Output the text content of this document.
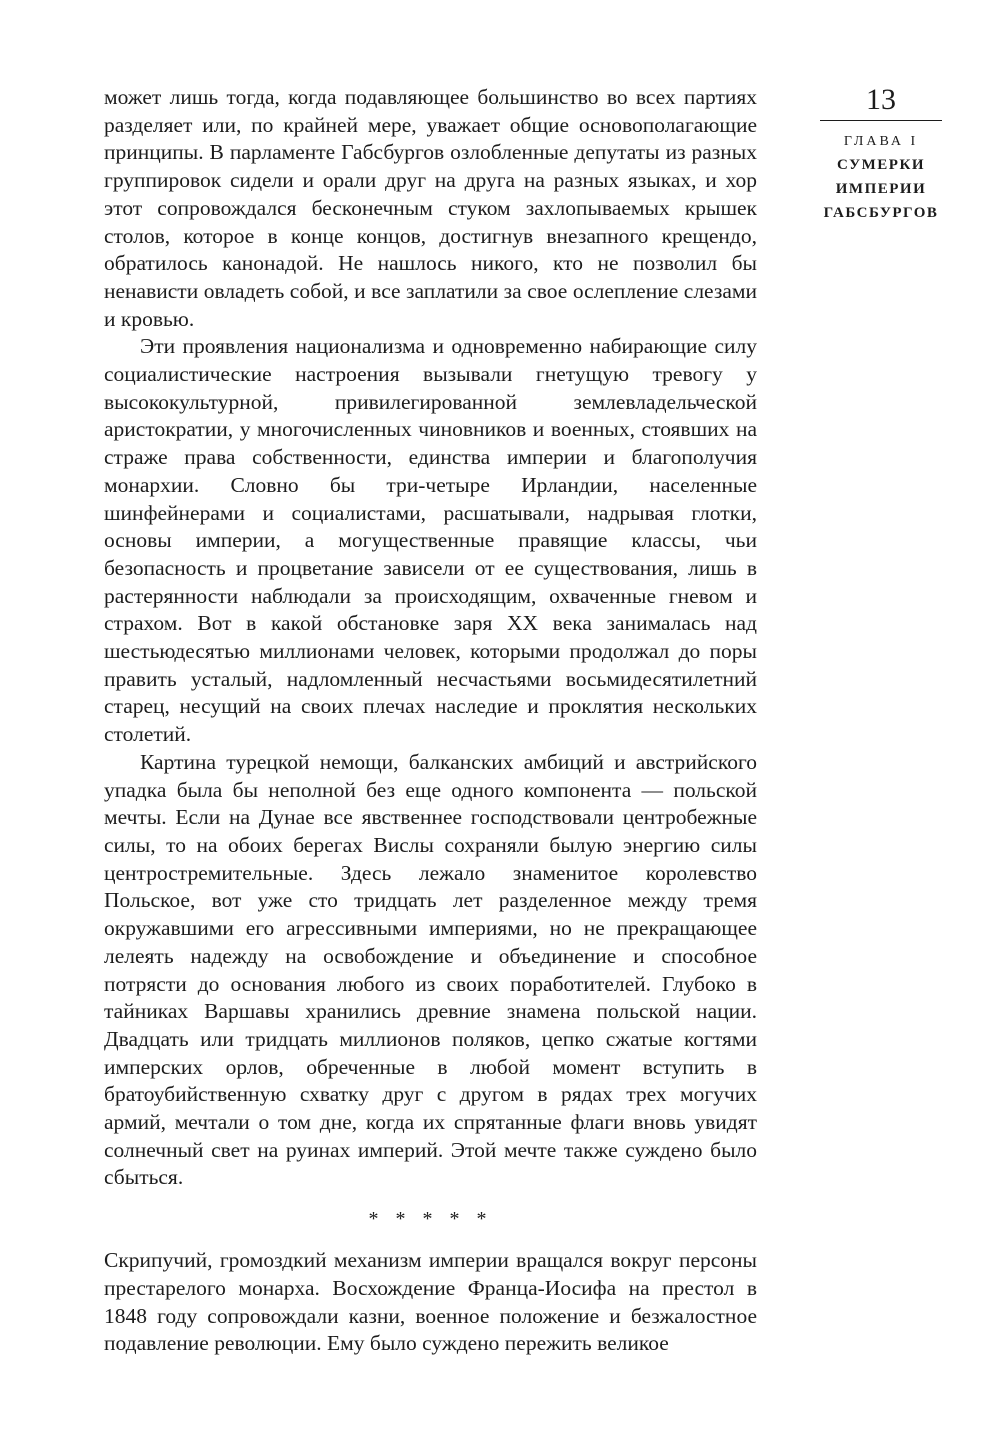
13
ГЛАВА I
СУМЕРКИ
ИМПЕРИИ
ГАБСБУРГОВ

может лишь тогда, когда подавляющее большинство во всех партиях разделяет или, по крайней мере, уважает общие основополагающие принципы. В парламенте Габсбургов озлобленные депутаты из разных группировок сидели и орали друг на друга на разных языках, и хор этот сопровождался бесконечным стуком захлопываемых крышек столов, которое в конце концов, достигнув внезапного крещендо, обратилось канонадой. Не нашлось никого, кто не позволил бы ненависти овладеть собой, и все заплатили за свое ослепление слезами и кровью.

Эти проявления национализма и одновременно набирающие силу социалистические настроения вызывали гнетущую тревогу у высококультурной, привилегированной землевладельческой аристократии, у многочисленных чиновников и военных, стоявших на страже права собственности, единства империи и благополучия монархии. Словно бы три-четыре Ирландии, населенные шинфейнерами и социалистами, расшатывали, надрывая глотки, основы империи, а могущественные правящие классы, чьи безопасность и процветание зависели от ее существования, лишь в растерянности наблюдали за происходящим, охваченные гневом и страхом. Вот в какой обстановке заря XX века занималась над шестьюдесятью миллионами человек, которыми продолжал до поры править усталый, надломленный несчастьями восьмидесятилетний старец, несущий на своих плечах наследие и проклятия нескольких столетий.

Картина турецкой немощи, балканских амбиций и австрийского упадка была бы неполной без еще одного компонента — польской мечты. Если на Дунае все явственнее господствовали центробежные силы, то на обоих берегах Вислы сохраняли былую энергию силы центростремительные. Здесь лежало знаменитое королевство Польское, вот уже сто тридцать лет разделенное между тремя окружавшими его агрессивными империями, но не прекращающее лелеять надежду на освобождение и объединение и способное потрясти до основания любого из своих поработителей. Глубоко в тайниках Варшавы хранились древние знамена польской нации. Двадцать или тридцать миллионов поляков, цепко сжатые когтями имперских орлов, обреченные в любой момент вступить в братоубийственную схватку друг с другом в рядах трех могучих армий, мечтали о том дне, когда их спрятанные флаги вновь увидят солнечный свет на руинах империй. Этой мечте также суждено было сбыться.

* * * * *

Скрипучий, громоздкий механизм империи вращался вокруг персоны престарелого монарха. Восхождение Франца-Иосифа на престол в 1848 году сопровождали казни, военное положение и безжалостное подавление революции. Ему было суждено пережить великое
